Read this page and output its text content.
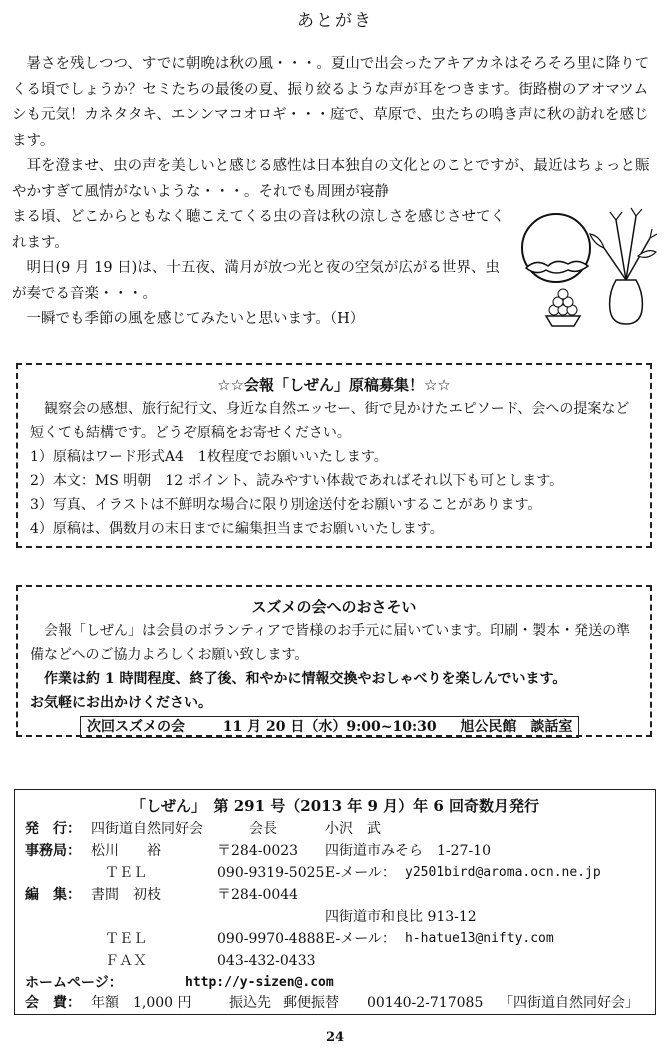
あとがき

暑さを残しつつ、すでに朝晩は秋の風・・・。夏山で出会ったアキアカネはそろそろ里に降りてくる頃でしょうか？セミたちの最後の夏、振り絞るような声が耳をつきます。街路樹のアオマツムシも元気！カネタタキ、エンンマコオロギ・・・庭で、草原で、虫たちの鳴き声に秋の訪れを感じます。

耳を澄ませ、虫の声を美しいと感じる感性は日本独自の文化とのことですが、最近はちょっと賑やかすぎて風情がないような・・・。それでも周囲が寝静

まる頃、どこからともなく聴こえてくる虫の音は秋の涼しさを感じさせてくれます。

明日(9 月 19 日)は、十五夜、満月が放つ光と夜の空気が広がる世界、虫が奏でる音楽・・・。

一瞬でも季節の風を感じてみたいと思います。（H）

☆☆会報「しぜん」原稿募集！☆☆

観察会の感想、旅行紀行文、身近な自然エッセー、街で見かけたエピソード、会への提案など短くても結構です。どうぞ原稿をお寄せください。

1）原稿はワード形式A4　1枚程度でお願いいたします。

2）本文：MS 明朝　12 ポイント、読みやすい体裁であればそれ以下も可とします。

3）写真、イラストは不鮮明な場合に限り別途送付をお願いすることがあります。

4）原稿は、偶数月の末日までに編集担当までお願いいたします。

スズメの会へのおさそい

会報「しぜん」は会員のボランティアで皆様のお手元に届いています。印刷・製本・発送の準備などへのご協力よろしくお願い致します。

作業は約 1 時間程度、終了後、和やかに情報交換やおしゃべりを楽しんでいます。

お気軽にお出かけください。

次回スズメの会	11 月 20 日（水）9:00~10:30 旭公民館　談話室
「しぜん」　第 291 号（2013 年 9 月）年 6 回奇数月発行
発　行： 四街道自然同好会	会長	小沢　武
事務局： 松川　　裕	〒284-0023 四街道市みそら　1-27-10
ＴＥＬ	090-9319-5025 E-メール： y2501bird@aroma.ocn.ne.jp
編　集： 書間　初枝	〒284-0044
四街道市和良比 913-12
ＴＥＬ	090-9970-4888 E-メール： h-hatue13@nifty.com
ＦＡＸ	043-432-0433
ホームページ：	http://y-sizen@.com
会　費： 年額　1,000 円	振込先 郵便振替 00140-2-717085 「四街道自然同好会」
24
